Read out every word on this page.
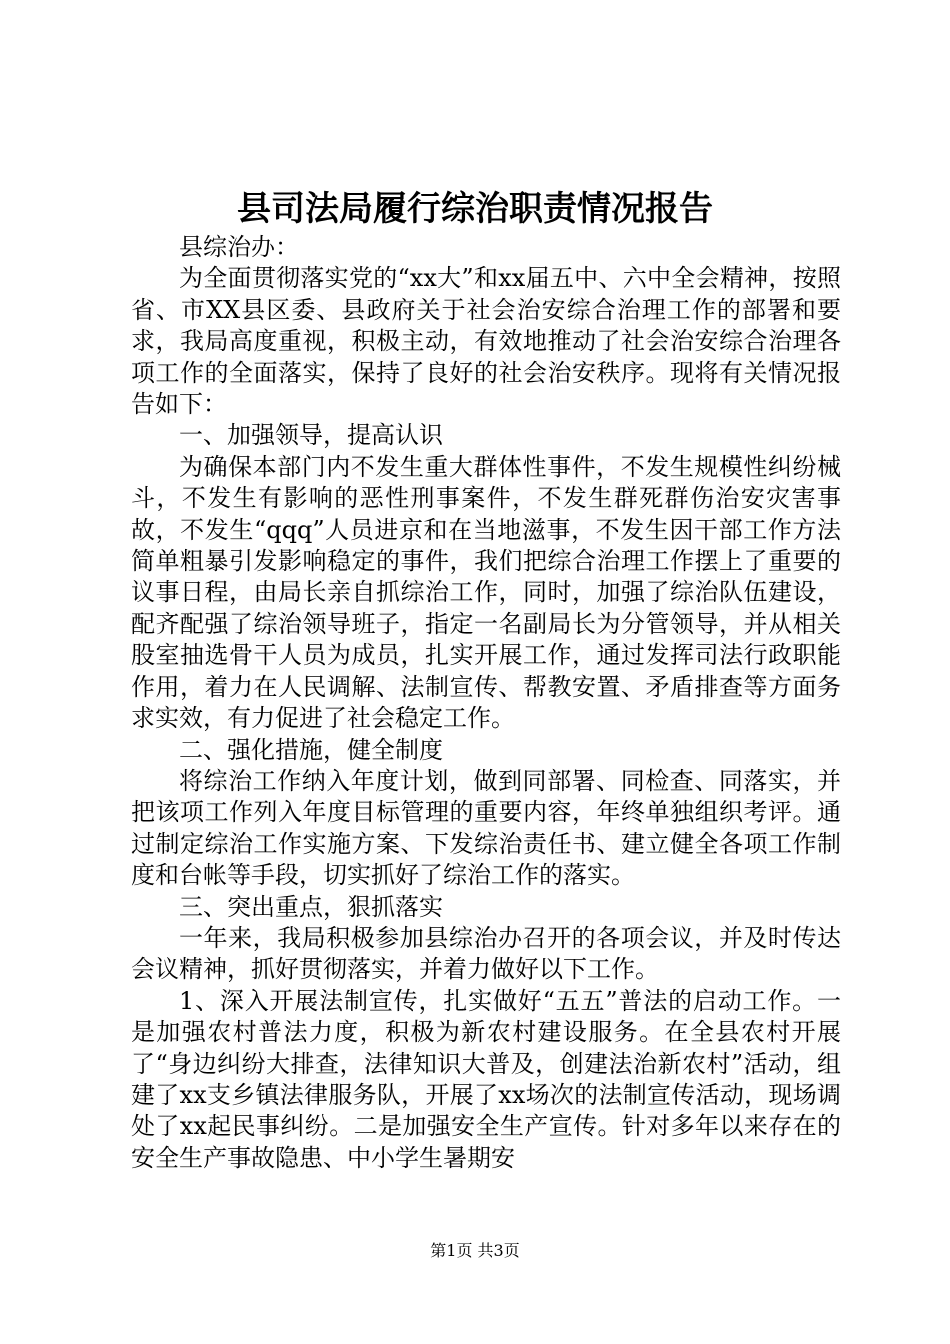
县司法局履行综治职责情况报告

县综治办：

为全面贯彻落实党的“xx大”和xx届五中、六中全会精神，按照省、市XX县区委、县政府关于社会治安综合治理工作的部署和要求，我局高度重视，积极主动，有效地推动了社会治安综合治理各项工作的全面落实，保持了良好的社会治安秩序。现将有关情况报告如下：

一、加强领导，提高认识

为确保本部门内不发生重大群体性事件，不发生规模性纠纷械斗，不发生有影响的恶性刑事案件，不发生群死群伤治安灾害事故，不发生“qqq”人员进京和在当地滋事，不发生因干部工作方法简单粗暴引发影响稳定的事件，我们把综合治理工作摆上了重要的议事日程，由局长亲自抓综治工作，同时，加强了综治队伍建设，配齐配强了综治领导班子，指定一名副局长为分管领导，并从相关股室抽选骨干人员为成员，扎实开展工作，通过发挥司法行政职能作用，着力在人民调解、法制宣传、帮教安置、矛盾排查等方面务求实效，有力促进了社会稳定工作。

二、强化措施，健全制度

将综治工作纳入年度计划，做到同部署、同检查、同落实，并把该项工作列入年度目标管理的重要内容，年终单独组织考评。通过制定综治工作实施方案、下发综治责任书、建立健全各项工作制度和台帐等手段，切实抓好了综治工作的落实。

三、突出重点，狠抓落实

一年来，我局积极参加县综治办召开的各项会议，并及时传达会议精神，抓好贯彻落实，并着力做好以下工作。

1、深入开展法制宣传，扎实做好“五五”普法的启动工作。一是加强农村普法力度，积极为新农村建设服务。在全县农村开展了“身边纠纷大排查，法律知识大普及，创建法治新农村”活动，组建了xx支乡镇法律服务队，开展了xx场次的法制宣传活动，现场调处了xx起民事纠纷。二是加强安全生产宣传。针对多年以来存在的安全生产事故隐患、中小学生暑期安

第1页 共3页
